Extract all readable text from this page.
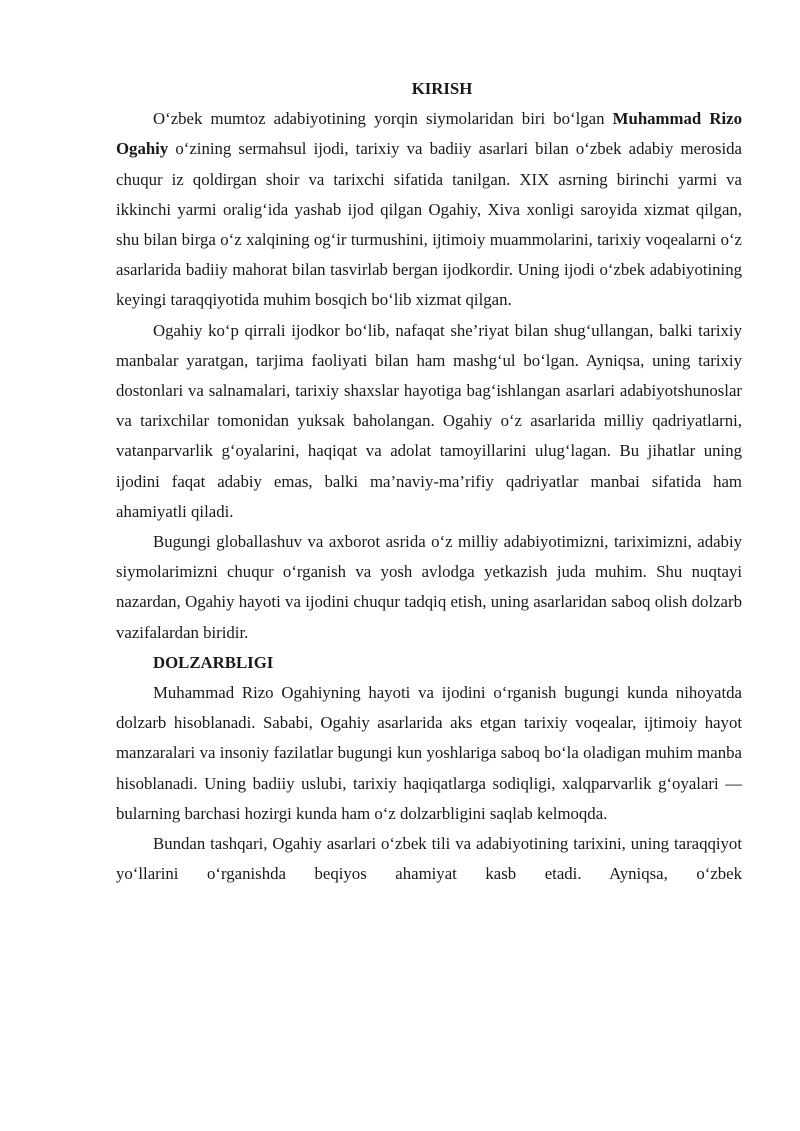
KIRISH

O‘zbek mumtoz adabiyotining yorqin siymolaridan biri bo‘lgan Muhammad Rizo Ogahiy o‘zining sermahsul ijodi, tarixiy va badiiy asarlari bilan o‘zbek adabiy merosida chuqur iz qoldirgan shoir va tarixchi sifatida tanilgan. XIX asrning birinchi yarmi va ikkinchi yarmi oralig‘ida yashab ijod qilgan Ogahiy, Xiva xonligi saroyida xizmat qilgan, shu bilan birga o‘z xalqining og‘ir turmushini, ijtimoiy muammolarini, tarixiy voqealarni o‘z asarlarida badiiy mahorat bilan tasvirlab bergan ijodkordir. Uning ijodi o‘zbek adabiyotining keyingi taraqqiyotida muhim bosqich bo‘lib xizmat qilgan.

Ogahiy ko‘p qirrali ijodkor bo‘lib, nafaqat she’riyat bilan shug‘ullangan, balki tarixiy manbalar yaratgan, tarjima faoliyati bilan ham mashg‘ul bo‘lgan. Ayniqsa, uning tarixiy dostonlari va salnamalari, tarixiy shaxslar hayotiga bag‘ishlangan asarlari adabiyotshunoslar va tarixchilar tomonidan yuksak baholangan. Ogahiy o‘z asarlarida milliy qadriyatlarni, vatanparvarlik g‘oyalarini, haqiqat va adolat tamoyillarini ulug‘lagan. Bu jihatlar uning ijodini faqat adabiy emas, balki ma’naviy-ma’rifiy qadriyatlar manbai sifatida ham ahamiyatli qiladi.

Bugungi globallashuv va axborot asrida o‘z milliy adabiyotimizni, tariximizni, adabiy siymolarimizni chuqur o‘rganish va yosh avlodga yetkazish juda muhim. Shu nuqtayi nazardan, Ogahiy hayoti va ijodini chuqur tadqiq etish, uning asarlaridan saboq olish dolzarb vazifalardan biridir.

DOLZARBLIGI

Muhammad Rizo Ogahiyning hayoti va ijodini o‘rganish bugungi kunda nihoyatda dolzarb hisoblanadi. Sababi, Ogahiy asarlarida aks etgan tarixiy voqealar, ijtimoiy hayot manzaralari va insoniy fazilatlar bugungi kun yoshlariga saboq bo‘la oladigan muhim manba hisoblanadi. Uning badiiy uslubi, tarixiy haqiqatlarga sodiqligi, xalqparvarlik g‘oyalari — bularning barchasi hozirgi kunda ham o‘z dolzarbligini saqlab kelmoqda.

Bundan tashqari, Ogahiy asarlari o‘zbek tili va adabiyotining tarixini, uning taraqqiyot yo‘llarini o‘rganishda beqiyos ahamiyat kasb etadi. Ayniqsa, o‘zbek
